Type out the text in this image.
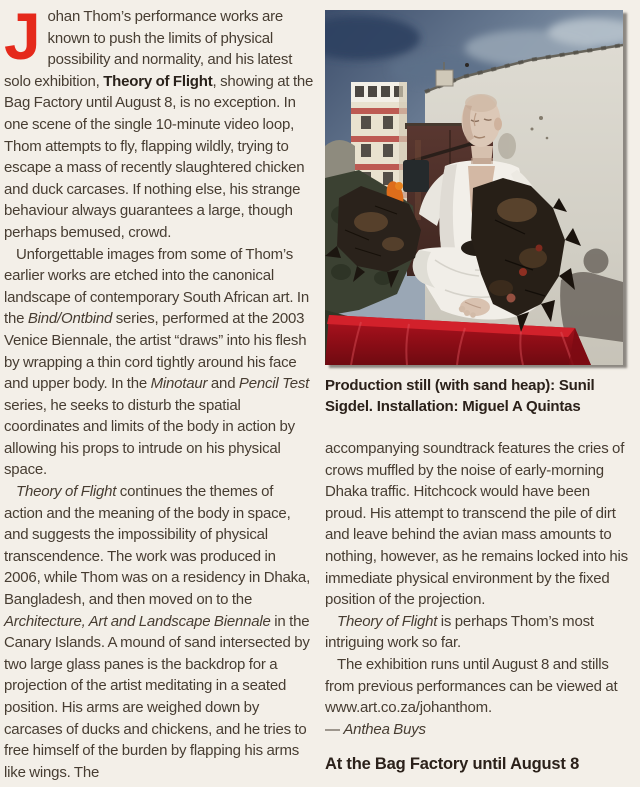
Johan Thom’s performance works are known to push the limits of physical possibility and normality, and his latest solo exhibition, Theory of Flight, showing at the Bag Factory until August 8, is no exception. In one scene of the single 10-minute video loop, Thom attempts to fly, flapping wildly, trying to escape a mass of recently slaughtered chicken and duck carcases. If nothing else, his strange behaviour always guarantees a large, though perhaps bemused, crowd.

Unforgettable images from some of Thom’s earlier works are etched into the canonical landscape of contemporary South African art. In the Bind/Ontbind series, performed at the 2003 Venice Biennale, the artist “draws” into his flesh by wrapping a thin cord tightly around his face and upper body. In the Minotaur and Pencil Test series, he seeks to disturb the spatial coordinates and limits of the body in action by allowing his props to intrude on his physical space.

Theory of Flight continues the themes of action and the meaning of the body in space, and suggests the impossibility of physical transcendence. The work was produced in 2006, while Thom was on a residency in Dhaka, Bangladesh, and then moved on to the Architecture, Art and Landscape Biennale in the Canary Islands. A mound of sand intersected by two large glass panes is the backdrop for a projection of the artist meditating in a seated position. His arms are weighed down by carcases of ducks and chickens, and he tries to free himself of the burden by flapping his arms like wings. The

Production still (with sand heap): Sunil Sigdel. Installation: Miguel A Quintas

accompanying soundtrack features the cries of crows muffled by the noise of early-morning Dhaka traffic. Hitchcock would have been proud. His attempt to transcend the pile of dirt and leave behind the avian mass amounts to nothing, however, as he remains locked into his immediate physical environment by the fixed position of the projection.

Theory of Flight is perhaps Thom’s most intriguing work so far.

The exhibition runs until August 8 and stills from previous performances can be viewed at www.art.co.za/johanthom.

— Anthea Buys

At the Bag Factory until August 8
